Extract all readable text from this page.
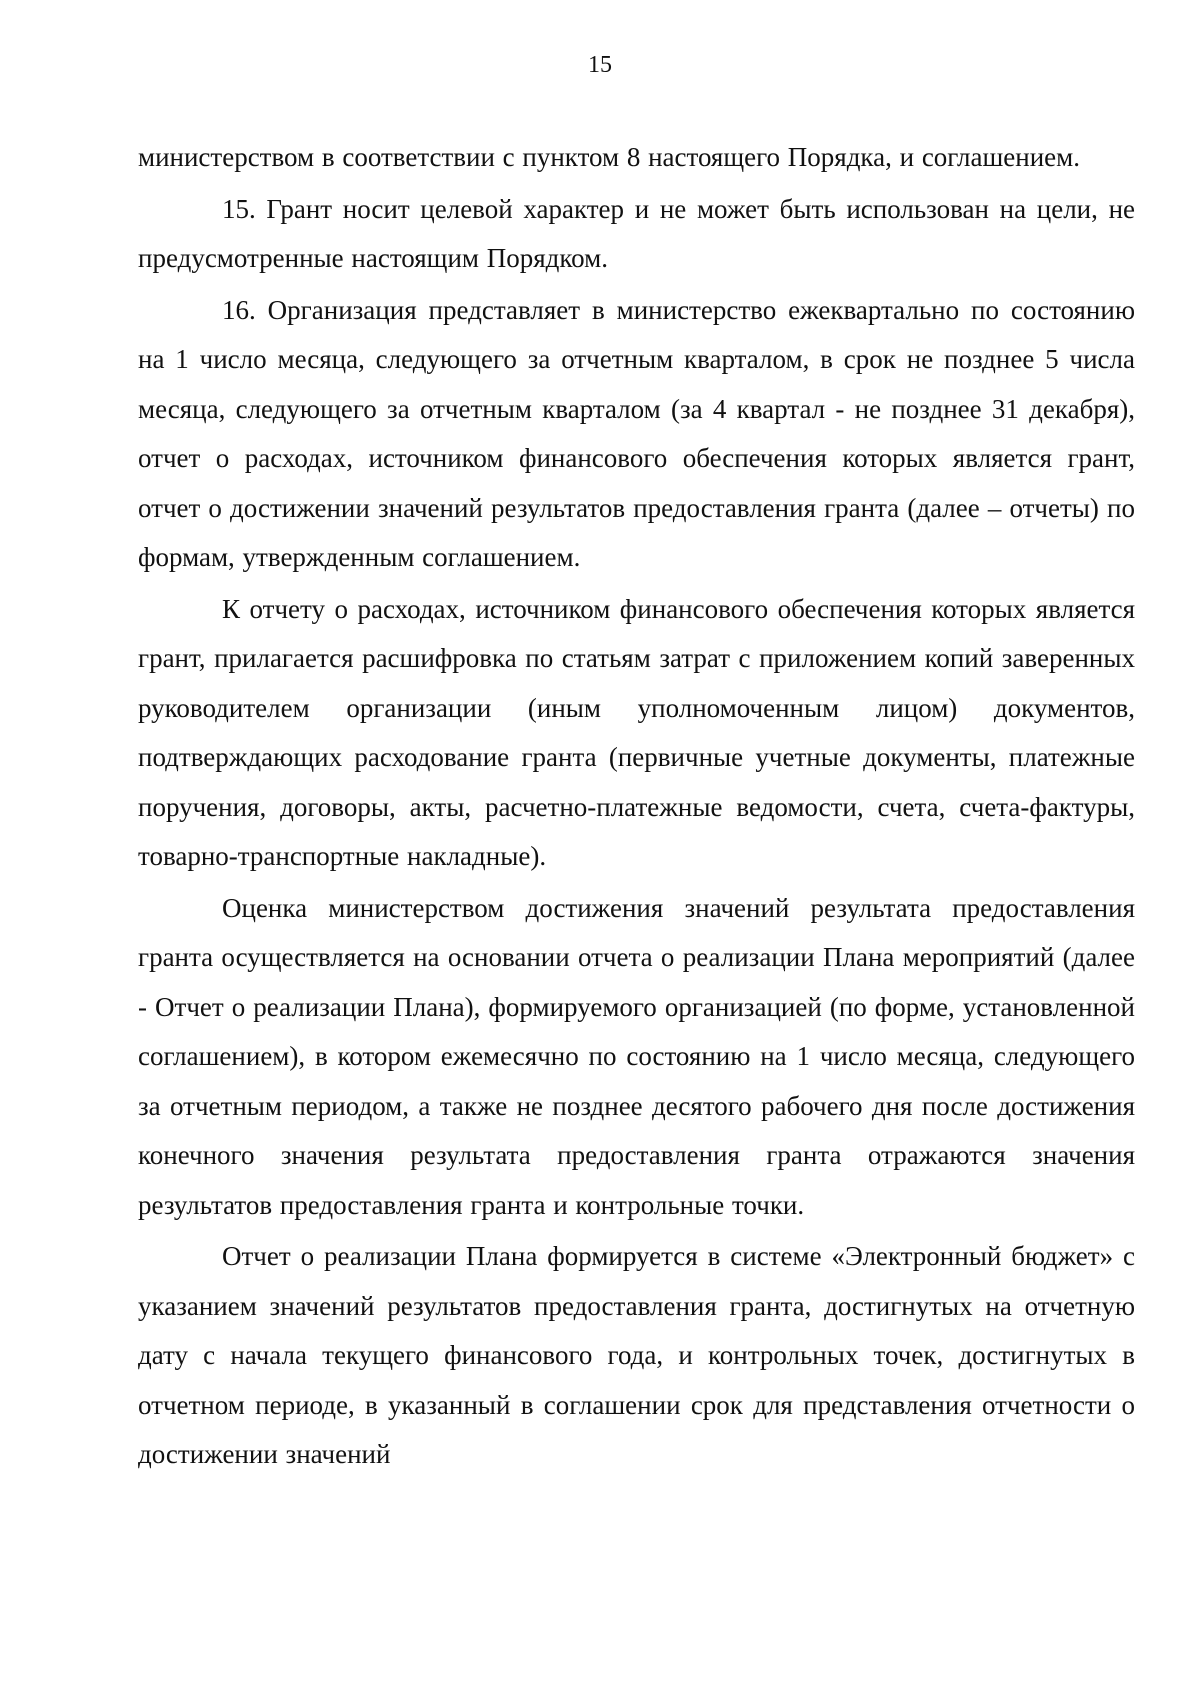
15

министерством в соответствии с пунктом 8 настоящего Порядка, и соглашением.

15. Грант носит целевой характер и не может быть использован на цели, не предусмотренные настоящим Порядком.

16. Организация представляет в министерство ежеквартально по состоянию на 1 число месяца, следующего за отчетным кварталом, в срок не позднее 5 числа месяца, следующего за отчетным кварталом (за 4 квартал - не позднее 31 декабря), отчет о расходах, источником финансового обеспечения которых является грант, отчет о достижении значений результатов предоставления гранта (далее – отчеты) по формам, утвержденным соглашением.

К отчету о расходах, источником финансового обеспечения которых является грант, прилагается расшифровка по статьям затрат с приложением копий заверенных руководителем организации (иным уполномоченным лицом) документов, подтверждающих расходование гранта (первичные учетные документы, платежные поручения, договоры, акты, расчетно-платежные ведомости, счета, счета-фактуры, товарно-транспортные накладные).

Оценка министерством достижения значений результата предоставления гранта осуществляется на основании отчета о реализации Плана мероприятий (далее - Отчет о реализации Плана), формируемого организацией (по форме, установленной соглашением), в котором ежемесячно по состоянию на 1 число месяца, следующего за отчетным периодом, а также не позднее десятого рабочего дня после достижения конечного значения результата предоставления гранта отражаются значения результатов предоставления гранта и контрольные точки.

Отчет о реализации Плана формируется в системе «Электронный бюджет» с указанием значений результатов предоставления гранта, достигнутых на отчетную дату с начала текущего финансового года, и контрольных точек, достигнутых в отчетном периоде, в указанный в соглашении срок для представления отчетности о достижении значений
